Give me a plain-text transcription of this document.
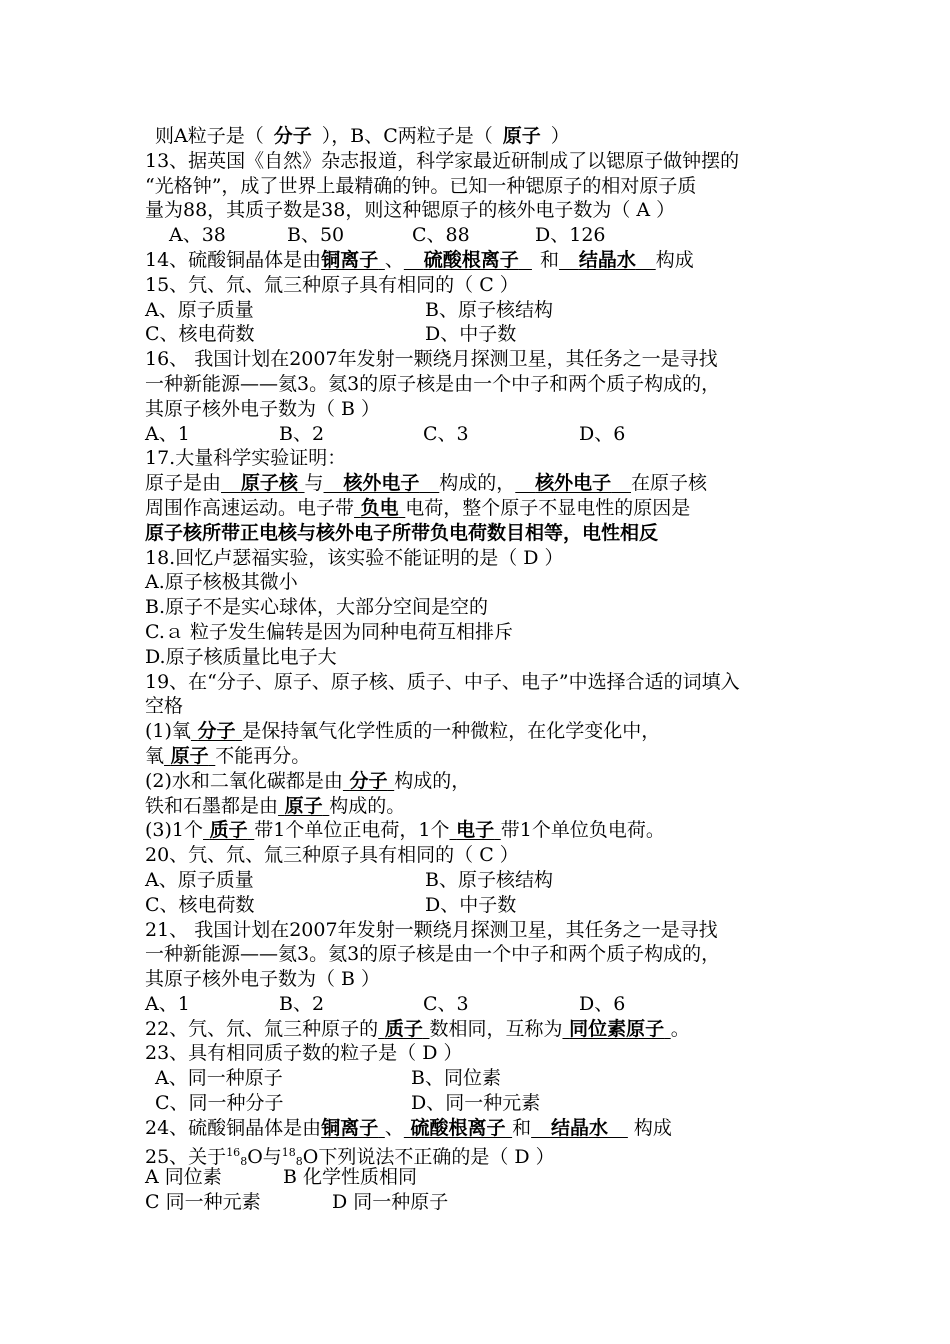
则A粒子是（ 分子 ），B、C两粒子是（ 原子 ）
13、据英国《自然》杂志报道，科学家最近研制成了以锶原子做钟摆的
“光格钟”，成了世界上最精确的钟。已知一种锶原子的相对原子质
量为88，其质子数是38，则这种锶原子的核外电子数为（ A ）
A、38	B、50	C、88	D、126
14、硫酸铜晶体是由铜离子 、 硫酸根离子 和 结晶水 构成
15、氕、氘、氚三种原子具有相同的（ C ）
A、原子质量	B、原子核结构
C、核电荷数	D、中子数
16、 我国计划在2007年发射一颗绕月探测卫星，其任务之一是寻找
一种新能源——氦3。氦3的原子核是由一个中子和两个质子构成的，
其原子核外电子数为（ B ）
A、1	B、2	C、3	D、6
17.大量科学实验证明：
原子是由 原子核 与 核外电子 构成的， 核外电子 在原子核
周围作高速运动。电子带 负电 电荷，整个原子不显电性的原因是
原子核所带正电核与核外电子所带负电荷数目相等，电性相反
18.回忆卢瑟福实验，该实验不能证明的是（ D ）
A.原子核极其微小
B.原子不是实心球体，大部分空间是空的
C.ａ 粒子发生偏转是因为同种电荷互相排斥
D.原子核质量比电子大
19、在“分子、原子、原子核、质子、中子、电子”中选择合适的词填入
空格
(1)氧 分子 是保持氧气化学性质的一种微粒，在化学变化中，
氧 原子 不能再分。
(2)水和二氧化碳都是由 分子 构成的，
铁和石墨都是由 原子 构成的。
(3)1个 质子 带1个单位正电荷，1个 电子 带1个单位负电荷。
20、氕、氘、氚三种原子具有相同的（ C ）
A、原子质量	B、原子核结构
C、核电荷数	D、中子数
21、 我国计划在2007年发射一颗绕月探测卫星，其任务之一是寻找
一种新能源——氦3。氦3的原子核是由一个中子和两个质子构成的，
其原子核外电子数为（ B ）
A、1	B、2	C、3	D、6
22、氕、氘、氚三种原子的 质子 数相同，互称为 同位素原子 。
23、具有相同质子数的粒子是（ D ）
A、同一种原子	B、同位素
C、同一种分子	D、同一种元素
24、硫酸铜晶体是由铜离子 、 硫酸根离子 和 结晶水 构成
25、关于$^{16}$8O与$^{18}$8O下列说法不正确的是（ D ）
A 同位素	B 化学性质相同
C 同一种元素	D 同一种原子
